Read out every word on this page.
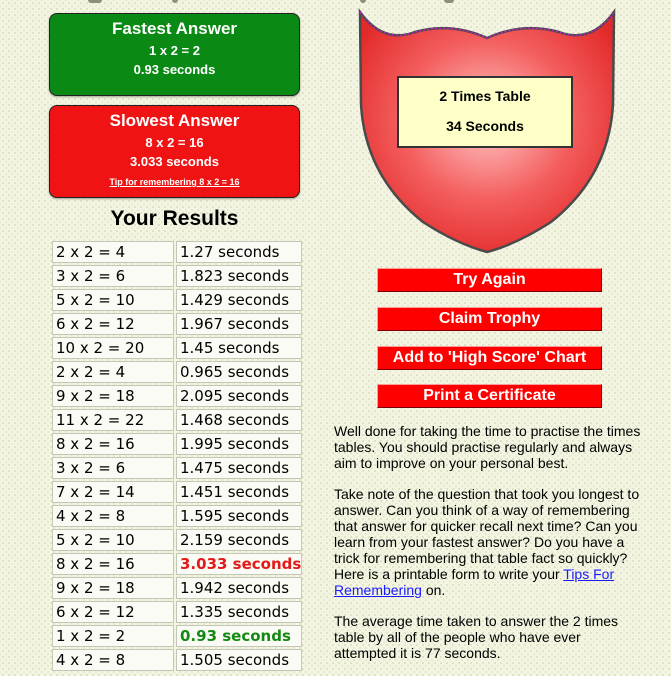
Fastest Answer
1 x 2 = 2
0.93 seconds
Slowest Answer
8 x 2 = 16
3.033 seconds
Tip for remembering 8 x 2 = 16
Your Results
2 x 2 = 4	1.27 seconds
3 x 2 = 6	1.823 seconds
5 x 2 = 10	1.429 seconds
6 x 2 = 12	1.967 seconds
10 x 2 = 20	1.45 seconds
2 x 2 = 4	0.965 seconds
9 x 2 = 18	2.095 seconds
11 x 2 = 22	1.468 seconds
8 x 2 = 16	1.995 seconds
3 x 2 = 6	1.475 seconds
7 x 2 = 14	1.451 seconds
4 x 2 = 8	1.595 seconds
5 x 2 = 10	2.159 seconds
8 x 2 = 16	3.033 seconds
9 x 2 = 18	1.942 seconds
6 x 2 = 12	1.335 seconds
1 x 2 = 2	0.93 seconds
4 x 2 = 8	1.505 seconds
2 Times Table
34 Seconds
Try Again
Claim Trophy
Add to 'High Score' Chart
Print a Certificate

Well done for taking the time to practise the times tables. You should practise regularly and always aim to improve on your personal best.

Take note of the question that took you longest to answer. Can you think of a way of remembering that answer for quicker recall next time? Can you learn from your fastest answer? Do you have a trick for remembering that table fact so quickly? Here is a printable form to write your Tips For Remembering on.

The average time taken to answer the 2 times table by all of the people who have ever attempted it is 77 seconds.
